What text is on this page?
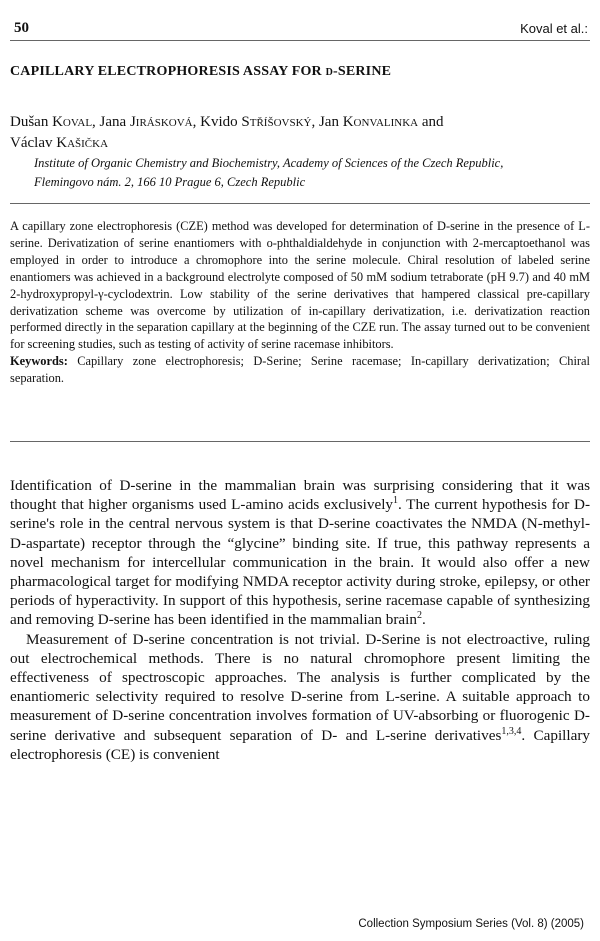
50	Koval et al.:
CAPILLARY ELECTROPHORESIS ASSAY FOR d-SERINE
Dušan Koval, Jana Jirásková, Kvido Stříšovský, Jan Konvalinka and
Václav Kašička
Institute of Organic Chemistry and Biochemistry, Academy of Sciences of the Czech Republic,
Flemingovo nám. 2, 166 10 Prague 6, Czech Republic

A capillary zone electrophoresis (CZE) method was developed for determination of D-serine in the presence of L-serine. Derivatization of serine enantiomers with o-phthaldialdehyde in conjunction with 2-mercaptoethanol was employed in order to introduce a chromophore into the serine molecule. Chiral resolution of labeled serine enantiomers was achieved in a background electrolyte composed of 50 mM sodium tetraborate (pH 9.7) and 40 mM 2-hydroxypropyl-γ-cyclodextrin. Low stability of the serine derivatives that hampered classical pre-capillary derivatization scheme was overcome by utilization of in-capillary derivatization, i.e. derivatization reaction performed directly in the separation capillary at the beginning of the CZE run. The assay turned out to be convenient for screening studies, such as testing of activity of serine racemase inhibitors.

Keywords: Capillary zone electrophoresis; D-Serine; Serine racemase; In-capillary derivatization; Chiral separation.

Identification of D-serine in the mammalian brain was surprising considering that it was thought that higher organisms used L-amino acids exclusively$^1$. The current hypothesis for D-serine's role in the central nervous system is that D-serine coactivates the NMDA (N-methyl-D-aspartate) receptor through the “glycine” binding site. If true, this pathway represents a novel mechanism for intercellular communication in the brain. It would also offer a new pharmacological target for modifying NMDA receptor activity during stroke, epilepsy, or other periods of hyperactivity. In support of this hypothesis, serine racemase capable of synthesizing and removing D-serine has been identified in the mammalian brain$^2$.

Measurement of D-serine concentration is not trivial. D-Serine is not electroactive, ruling out electrochemical methods. There is no natural chromophore present limiting the effectiveness of spectroscopic approaches. The analysis is further complicated by the enantiomeric selectivity required to resolve D-serine from L-serine. A suitable approach to measurement of D-serine concentration involves formation of UV-absorbing or fluorogenic D-serine derivative and subsequent separation of D- and L-serine derivatives$^{1,3,4}$. Capillary electrophoresis (CE) is convenient

Collection Symposium Series (Vol. 8) (2005)
